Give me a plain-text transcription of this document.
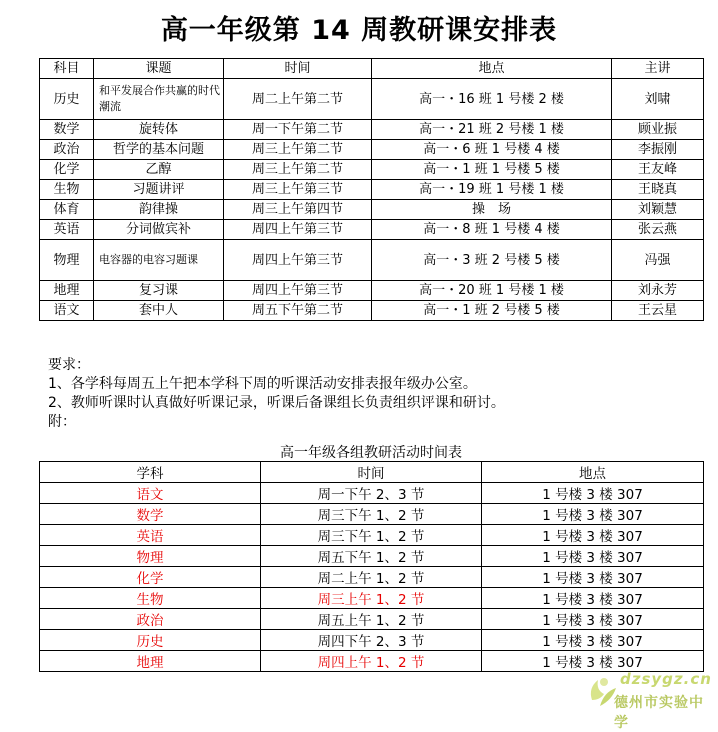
高一年级第 14 周教研课安排表
科目	课题	时间	地点	主讲
历史	和平发展合作共赢的时代潮流	周二上午第二节	高一・16 班 1 号楼 2 楼	刘啸
数学	旋转体	周一下午第二节	高一・21 班 2 号楼 1 楼	顾业振
政治	哲学的基本问题	周三上午第二节	高一・6 班 1 号楼 4 楼	李振刚
化学	乙醇	周三上午第二节	高一・1 班 1 号楼 5 楼	王友峰
生物	习题讲评	周三上午第三节	高一・19 班 1 号楼 1 楼	王晓真
体育	韵律操	周三上午第四节	操　场	刘颖慧
英语	分词做宾补	周四上午第三节	高一・8 班 1 号楼 4 楼	张云燕
物理	电容器的电容习题课	周四上午第三节	高一・3 班 2 号楼 5 楼	冯强
地理	复习课	周四上午第三节	高一・20 班 1 号楼 1 楼	刘永芳
语文	套中人	周五下午第二节	高一・1 班 2 号楼 5 楼	王云星
要求：
1、各学科每周五上午把本学科下周的听课活动安排表报年级办公室。
2、教师听课时认真做好听课记录，听课后备课组长负责组织评课和研讨。
附：
高一年级各组教研活动时间表
学科	时间	地点
语文	周一下午 2、3 节	1 号楼 3 楼 307
数学	周三下午 1、2 节	1 号楼 3 楼 307
英语	周三下午 1、2 节	1 号楼 3 楼 307
物理	周五下午 1、2 节	1 号楼 3 楼 307
化学	周二上午 1、2 节	1 号楼 3 楼 307
生物	周三上午 1、2 节	1 号楼 3 楼 307
政治	周五上午 1、2 节	1 号楼 3 楼 307
历史	周四下午 2、3 节	1 号楼 3 楼 307
地理	周四上午 1、2 节	1 号楼 3 楼 307
dzsygz.cn
德州市实验中学
